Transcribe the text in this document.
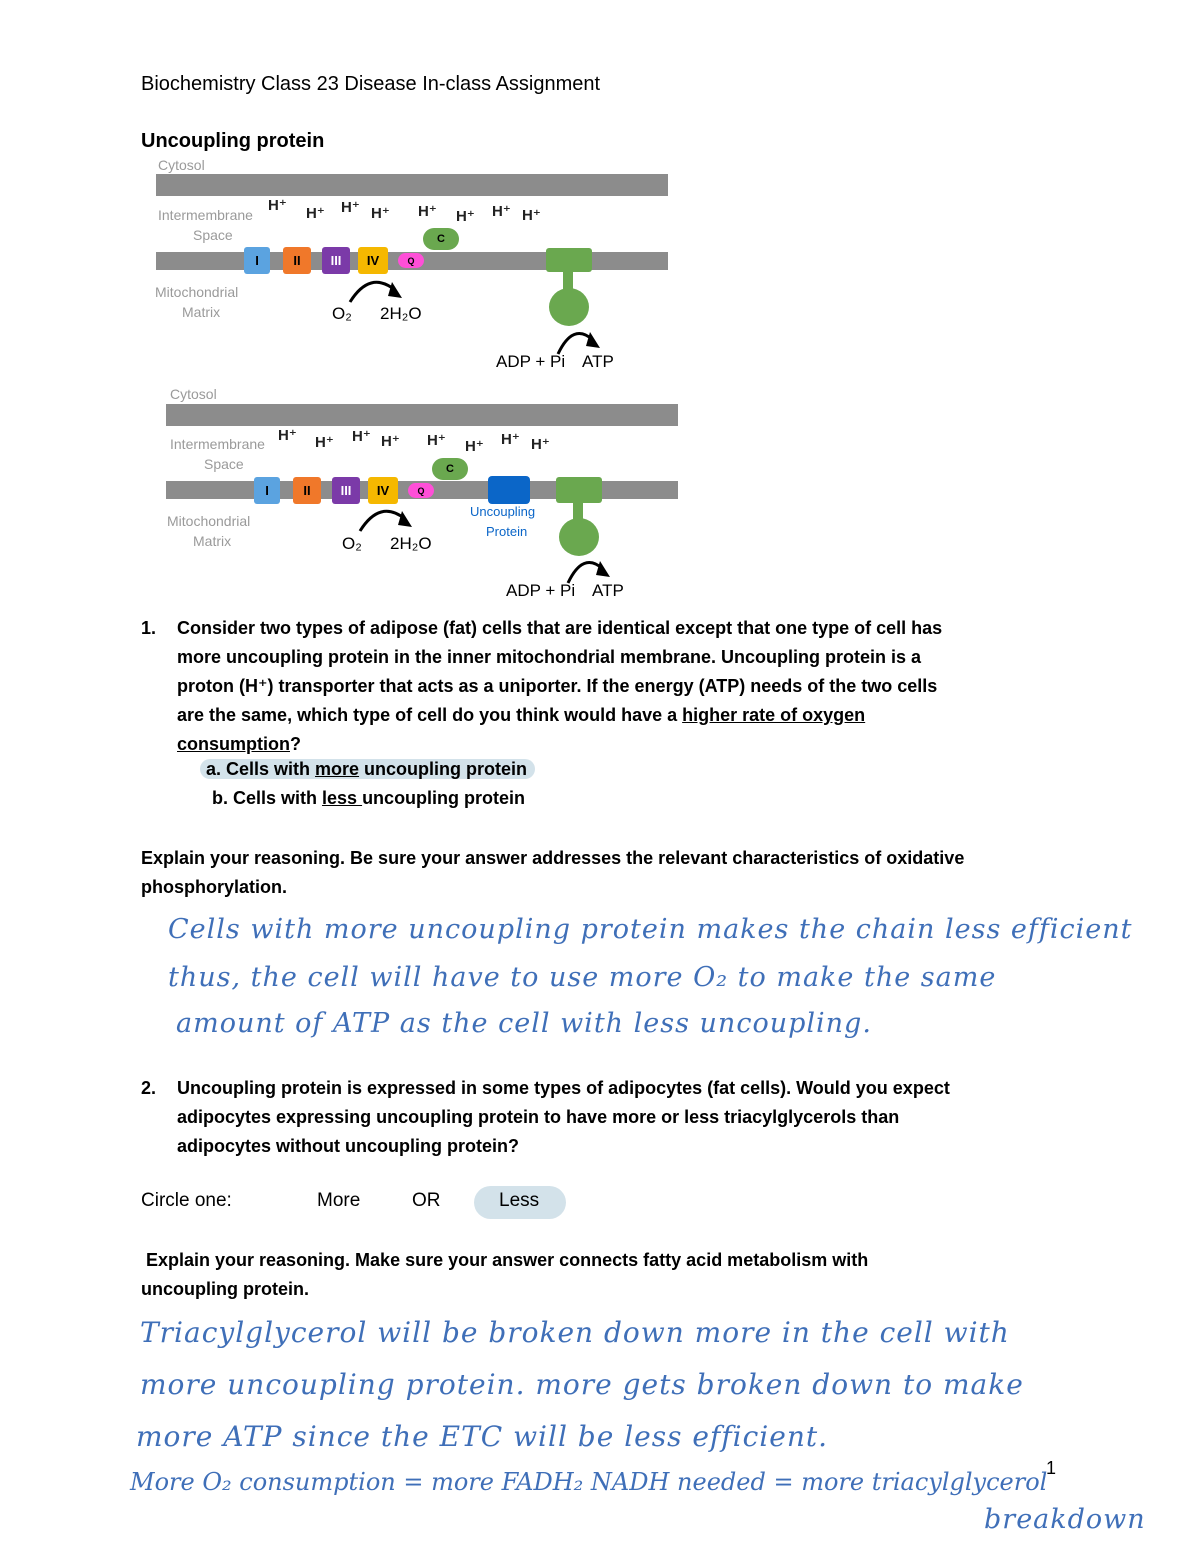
Biochemistry Class 23 Disease In-class Assignment
Uncoupling protein
Cytosol
Intermembrane
Space
H⁺ H⁺ H⁺ H⁺ H⁺ H⁺ H⁺ H⁺
I	II	III	IV	Q
C
Mitochondrial
Matrix	O₂ 2H₂O
ADP + Pi ATP
Cytosol
Intermembrane
Space
H⁺ H⁺ H⁺ H⁺ H⁺ H⁺ H⁺ H⁺
I	II	III	IV	Q
C
Uncoupling
Protein
Mitochondrial
Matrix	O₂ 2H₂O
ADP + Pi ATP
1. Consider two types of adipose (fat) cells that are identical except that one type of cell has
more uncoupling protein in the inner mitochondrial membrane. Uncoupling protein is a
proton (H⁺) transporter that acts as a uniporter. If the energy (ATP) needs of the two cells
are the same, which type of cell do you think would have a higher rate of oxygen
consumption?
a. Cells with more uncoupling protein
b. Cells with less uncoupling protein
Explain your reasoning. Be sure your answer addresses the relevant characteristics of oxidative
phosphorylation.
Cells with more uncoupling protein makes the chain less efficient
thus, the cell will have to use more O₂ to make the same
amount of ATP as the cell with less uncoupling.
2. Uncoupling protein is expressed in some types of adipocytes (fat cells). Would you expect
adipocytes expressing uncoupling protein to have more or less triacylglycerols than
adipocytes without uncoupling protein?
Circle one:	More	OR	Less
Explain your reasoning. Make sure your answer connects fatty acid metabolism with
uncoupling protein.
Triacylglycerol will be broken down more in the cell with
more uncoupling protein. more gets broken down to make
more ATP since the ETC will be less efficient.
More O₂ consumption = more FADH₂ NADH needed = more triacylglycerol
breakdown
1
